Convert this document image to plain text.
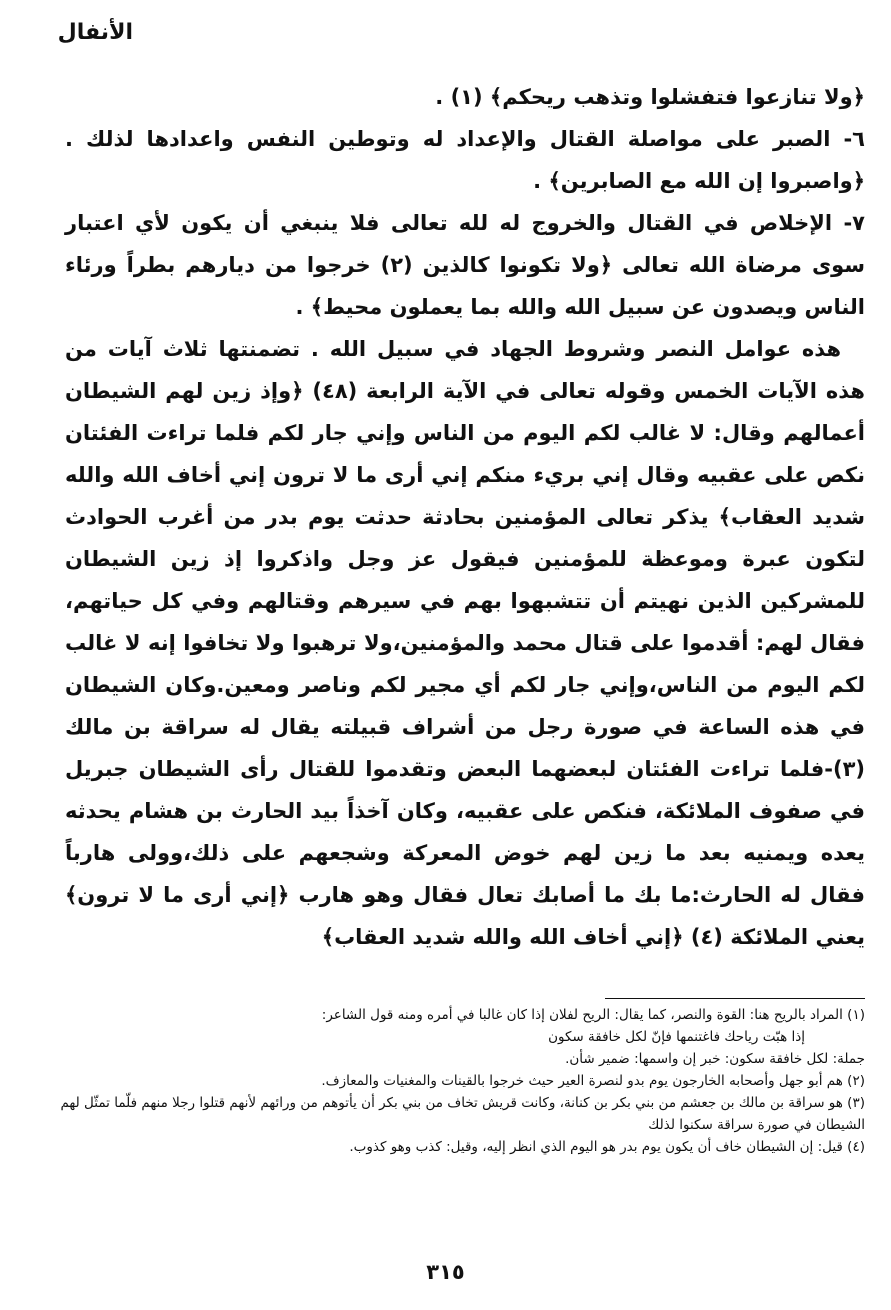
الأنفال

﴿ولا تنازعوا فتفشلوا وتذهب ريحكم﴾ (١) .

٦- الصبر على مواصلة القتال والإعداد له وتوطين النفس واعدادها لذلك . ﴿واصبروا إن الله مع الصابرين﴾ .

٧- الإخلاص في القتال والخروج له لله تعالى فلا ينبغي أن يكون لأي اعتبار سوى مرضاة الله تعالى ﴿ولا تكونوا كالذين (٢) خرجوا من ديارهم بطراً ورئاء الناس ويصدون عن سبيل الله والله بما يعملون محيط﴾ .

هذه عوامل النصر وشروط الجهاد في سبيل الله . تضمنتها ثلاث آيات من هذه الآيات الخمس وقوله تعالى في الآية الرابعة (٤٨) ﴿وإذ زين لهم الشيطان أعمالهم وقال: لا غالب لكم اليوم من الناس وإني جار لكم فلما تراءت الفئتان نكص على عقبيه وقال إني بريء منكم إني أرى ما لا ترون إني أخاف الله والله شديد العقاب﴾ يذكر تعالى المؤمنين بحادثة حدثت يوم بدر من أغرب الحوادث لتكون عبرة وموعظة للمؤمنين فيقول عز وجل واذكروا إذ زين الشيطان للمشركين الذين نهيتم أن تتشبهوا بهم في سيرهم وقتالهم وفي كل حياتهم، فقال لهم: أقدموا على قتال محمد والمؤمنين،ولا ترهبوا ولا تخافوا إنه لا غالب لكم اليوم من الناس،وإني جار لكم أي مجير لكم وناصر ومعين.وكان الشيطان في هذه الساعة في صورة رجل من أشراف قبيلته يقال له سراقة بن مالك (٣)-فلما تراءت الفئتان لبعضهما البعض وتقدموا للقتال رأى الشيطان جبريل في صفوف الملائكة، فنكص على عقبيه، وكان آخذاً بيد الحارث بن هشام يحدثه يعده ويمنيه بعد ما زين لهم خوض المعركة وشجعهم على ذلك،وولى هارباً فقال له الحارث:ما بك ما أصابك تعال فقال وهو هارب ﴿إني أرى ما لا ترون﴾ يعني الملائكة (٤) ﴿إني أخاف الله والله شديد العقاب﴾

(١) المراد بالريح هنا: القوة والنصر، كما يقال: الريح لفلان إذا كان غالبا في أمره ومنه قول الشاعر:

إذا هبّت رياحك فاغتنمها فإنّ لكل خافقة سكون

جملة: لكل خافقة سكون: خبر إن واسمها: ضمير شأن.

(٢) هم أبو جهل وأصحابه الخارجون يوم بدو لنصرة العير حيث خرجوا بالقينات والمغنيات والمعازف.

(٣) هو سراقة بن مالك بن جعشم من بني بكر بن كنانة، وكانت قريش تخاف من بني بكر أن يأتوهم من ورائهم لأنهم قتلوا رجلا منهم فلّما تمثّل لهم الشيطان في صورة سراقة سكنوا لذلك

(٤) قيل: إن الشيطان خاف أن يكون يوم بدر هو اليوم الذي انظر إليه، وقيل: كذب وهو كذوب.

٣١٥
